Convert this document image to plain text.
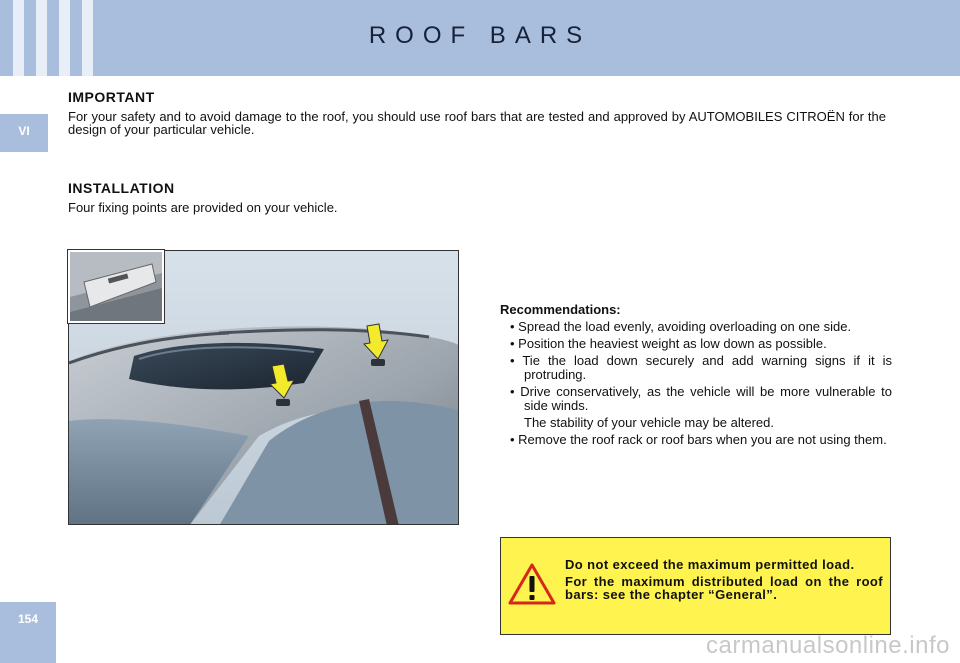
ROOF BARS
VI
154
IMPORTANT
For your safety and to avoid damage to the roof, you should use roof bars that are tested and approved by AUTOMOBILES CITROËN for the design of your particular vehicle.
INSTALLATION
Four fixing points are provided on your vehicle.
Recommendations:
• Spread the load evenly, avoiding overloading on one side.
• Position the heaviest weight as low down as possible.
• Tie the load down securely and add warning signs if it is protruding.
• Drive conservatively, as the vehicle will be more vulnerable to side winds.
The stability of your vehicle may be altered.
• Remove the roof rack or roof bars when you are not using them.

Do not exceed the maximum permitted load.

For the maximum distributed load on the roof bars: see the chapter “General”.

carmanualsonline.info
